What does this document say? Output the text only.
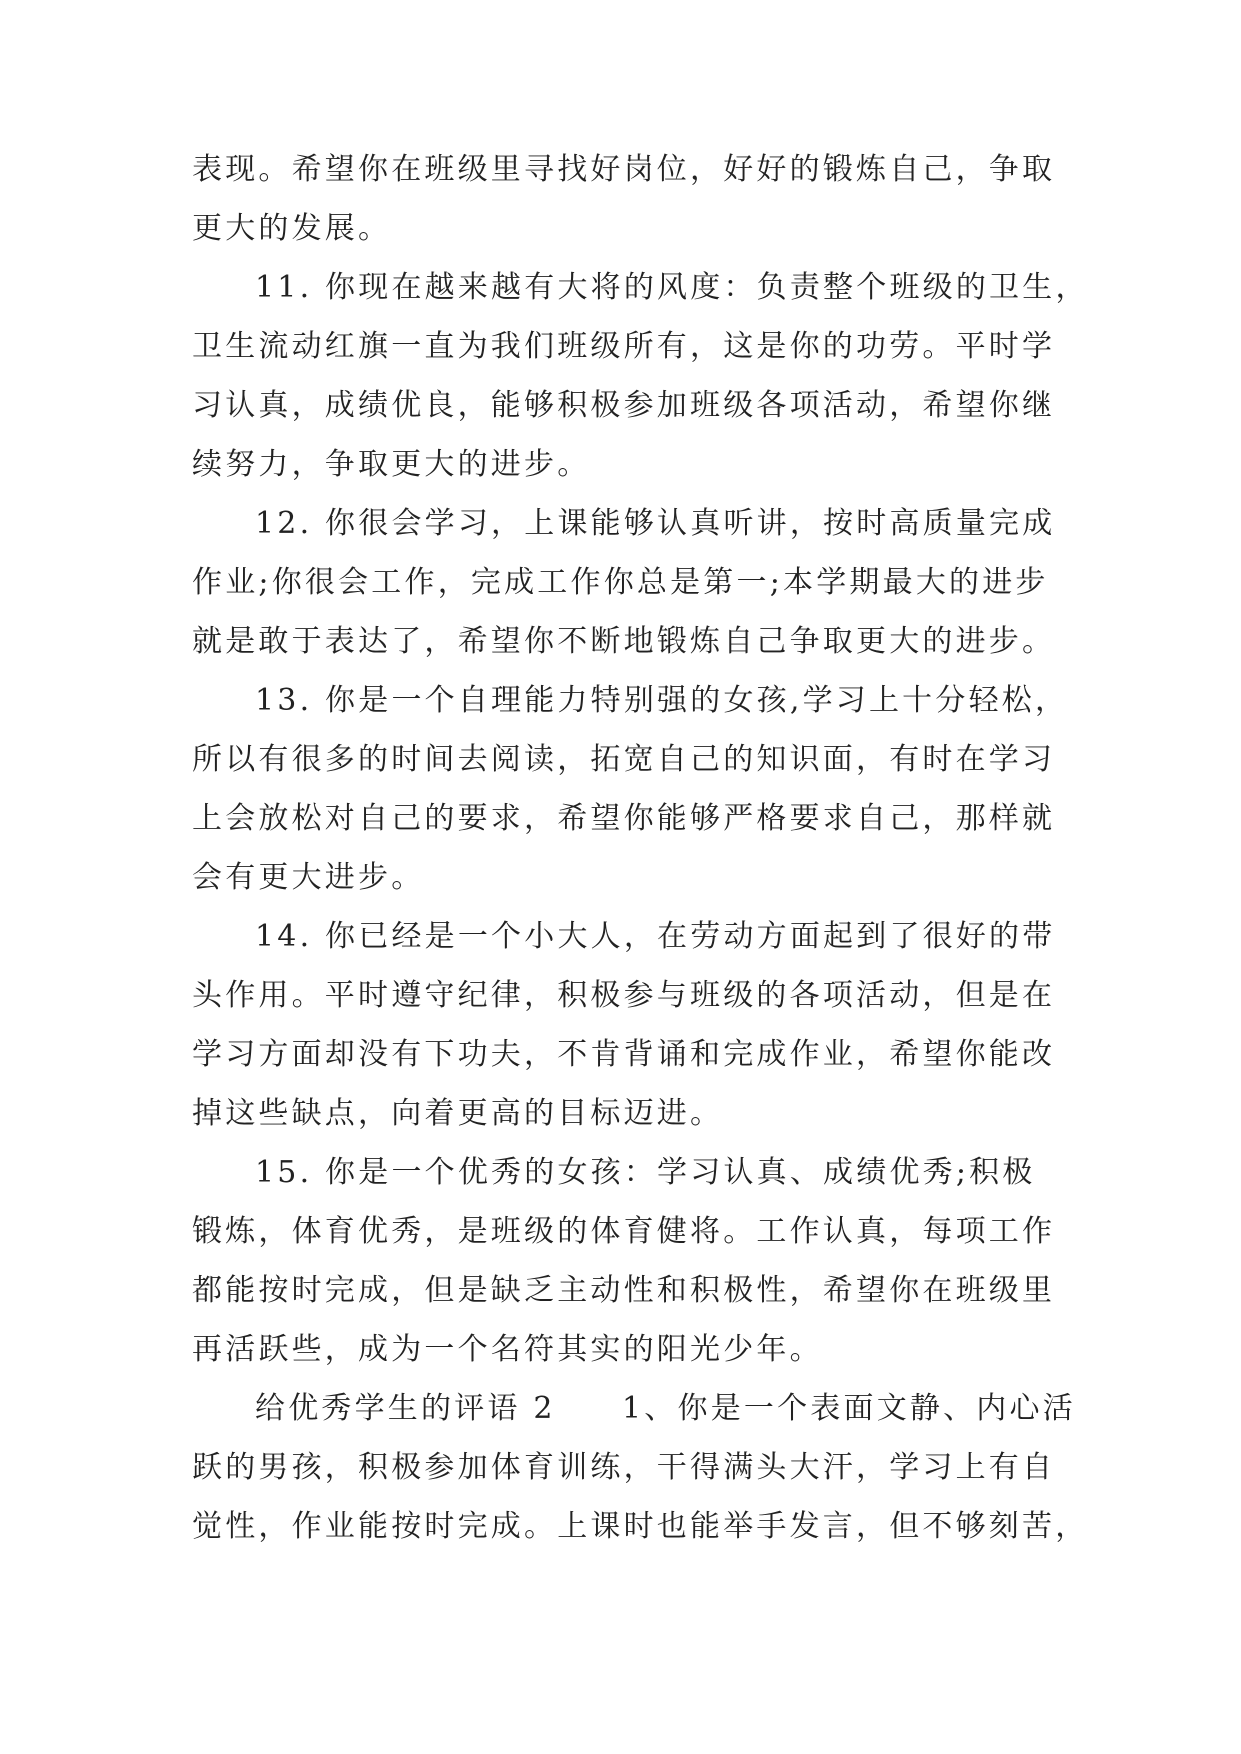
表现。希望你在班级里寻找好岗位，好好的锻炼自己，争取
更大的发展。
11. 你现在越来越有大将的风度：负责整个班级的卫生，
卫生流动红旗一直为我们班级所有，这是你的功劳。平时学
习认真，成绩优良，能够积极参加班级各项活动，希望你继
续努力，争取更大的进步。
12. 你很会学习，上课能够认真听讲，按时高质量完成
作业;你很会工作，完成工作你总是第一;本学期最大的进步
就是敢于表达了，希望你不断地锻炼自己争取更大的进步。
13. 你是一个自理能力特别强的女孩,学习上十分轻松，
所以有很多的时间去阅读，拓宽自己的知识面，有时在学习
上会放松对自己的要求，希望你能够严格要求自己，那样就
会有更大进步。
14. 你已经是一个小大人，在劳动方面起到了很好的带
头作用。平时遵守纪律，积极参与班级的各项活动，但是在
学习方面却没有下功夫，不肯背诵和完成作业，希望你能改
掉这些缺点，向着更高的目标迈进。
15. 你是一个优秀的女孩：学习认真、成绩优秀;积极
锻炼，体育优秀，是班级的体育健将。工作认真，每项工作
都能按时完成，但是缺乏主动性和积极性，希望你在班级里
再活跃些，成为一个名符其实的阳光少年。
给优秀学生的评语 2　　1、你是一个表面文静、内心活
跃的男孩，积极参加体育训练，干得满头大汗，学习上有自
觉性，作业能按时完成。上课时也能举手发言，但不够刻苦，
